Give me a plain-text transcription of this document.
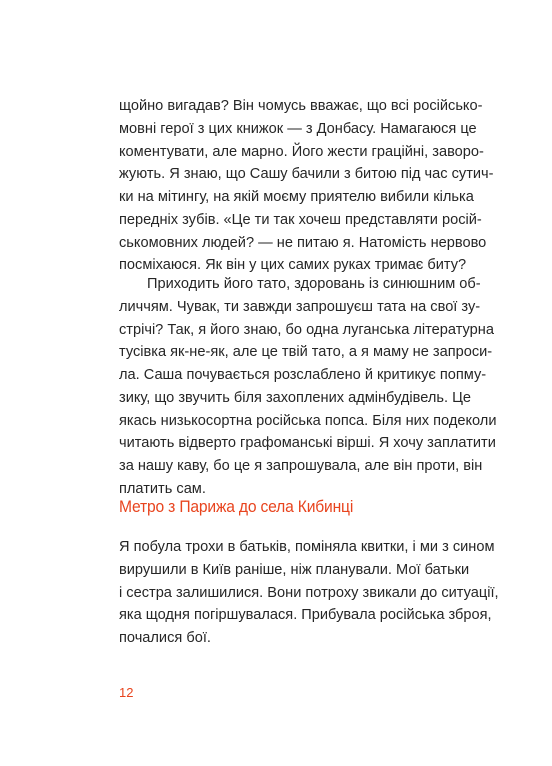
щойно вигадав? Він чомусь вважає, що всі російсько-
мовні герої з цих книжок — з Донбасу. Намагаюся це
коментувати, але марно. Його жести граційні, заворо-
жують. Я знаю, що Сашу бачили з битою під час сутич-
ки на мітингу, на якій моєму приятелю вибили кілька
передніх зубів. «Це ти так хочеш представляти росій-
ськомовних людей? — не питаю я. Натомість нервово
посміхаюся. Як він у цих самих руках тримає биту?
Приходить його тато, здоровань із синюшним об-
личчям. Чувак, ти завжди запрошуєш тата на свої зу-
стрічі? Так, я його знаю, бо одна луганська літературна
тусівка як-не-як, але це твій тато, а я маму не запроси-
ла. Саша почувається розслаблено й критикує попму-
зику, що звучить біля захоплених адмінбудівель. Це
якась низькосортна російська попса. Біля них подеколи
читають відверто графоманські вірші. Я хочу заплатити
за нашу каву, бо це я запрошувала, але він проти, він
платить сам.
Метро з Парижа до села Кибинці
Я побула трохи в батьків, поміняла квитки, і ми з сином
вирушили в Київ раніше, ніж планували. Мої батьки
і сестра залишилися. Вони потроху звикали до ситуації,
яка щодня погіршувалася. Прибувала російська зброя,
почалися бої.
12
